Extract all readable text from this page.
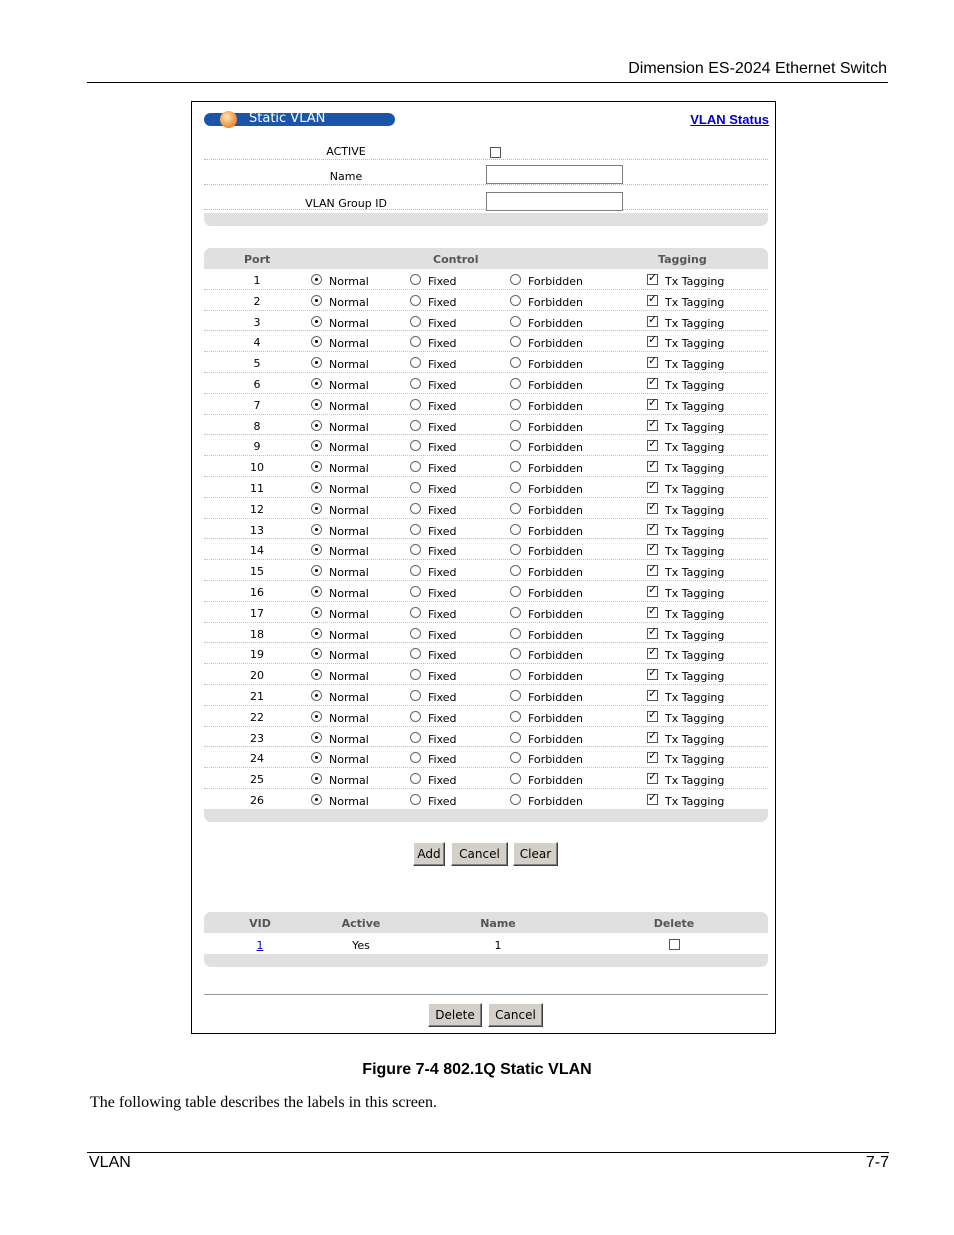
Dimension ES-2024 Ethernet Switch
Static VLAN	VLAN Status
ACTIVE
Name
VLAN Group ID
Port	Control	Tagging
1	Normal	Fixed	Forbidden ✓	Tx Tagging
2	Normal	Fixed	Forbidden ✓	Tx Tagging
3	Normal	Fixed	Forbidden ✓	Tx Tagging
4	Normal	Fixed	Forbidden ✓	Tx Tagging
5	Normal	Fixed	Forbidden ✓	Tx Tagging
6	Normal	Fixed	Forbidden ✓	Tx Tagging
7	Normal	Fixed	Forbidden ✓	Tx Tagging
8	Normal	Fixed	Forbidden ✓	Tx Tagging
9	Normal	Fixed	Forbidden ✓	Tx Tagging
10	Normal	Fixed	Forbidden ✓	Tx Tagging
11	Normal	Fixed	Forbidden ✓	Tx Tagging
12	Normal	Fixed	Forbidden ✓	Tx Tagging
13	Normal	Fixed	Forbidden ✓	Tx Tagging
14	Normal	Fixed	Forbidden ✓	Tx Tagging
15	Normal	Fixed	Forbidden ✓	Tx Tagging
16	Normal	Fixed	Forbidden ✓	Tx Tagging
17	Normal	Fixed	Forbidden ✓	Tx Tagging
18	Normal	Fixed	Forbidden ✓	Tx Tagging
19	Normal	Fixed	Forbidden ✓	Tx Tagging
20	Normal	Fixed	Forbidden ✓	Tx Tagging
21	Normal	Fixed	Forbidden ✓	Tx Tagging
22	Normal	Fixed	Forbidden ✓	Tx Tagging
23	Normal	Fixed	Forbidden ✓	Tx Tagging
24	Normal	Fixed	Forbidden ✓	Tx Tagging
25	Normal	Fixed	Forbidden ✓	Tx Tagging
26	Normal	Fixed	Forbidden ✓	Tx Tagging
Add	Cancel	Clear
VID	Active	Name	Delete
1	Yes	1
Delete	Cancel
Figure 7-4 802.1Q Static VLAN
The following table describes the labels in this screen.
VLAN	7-7
